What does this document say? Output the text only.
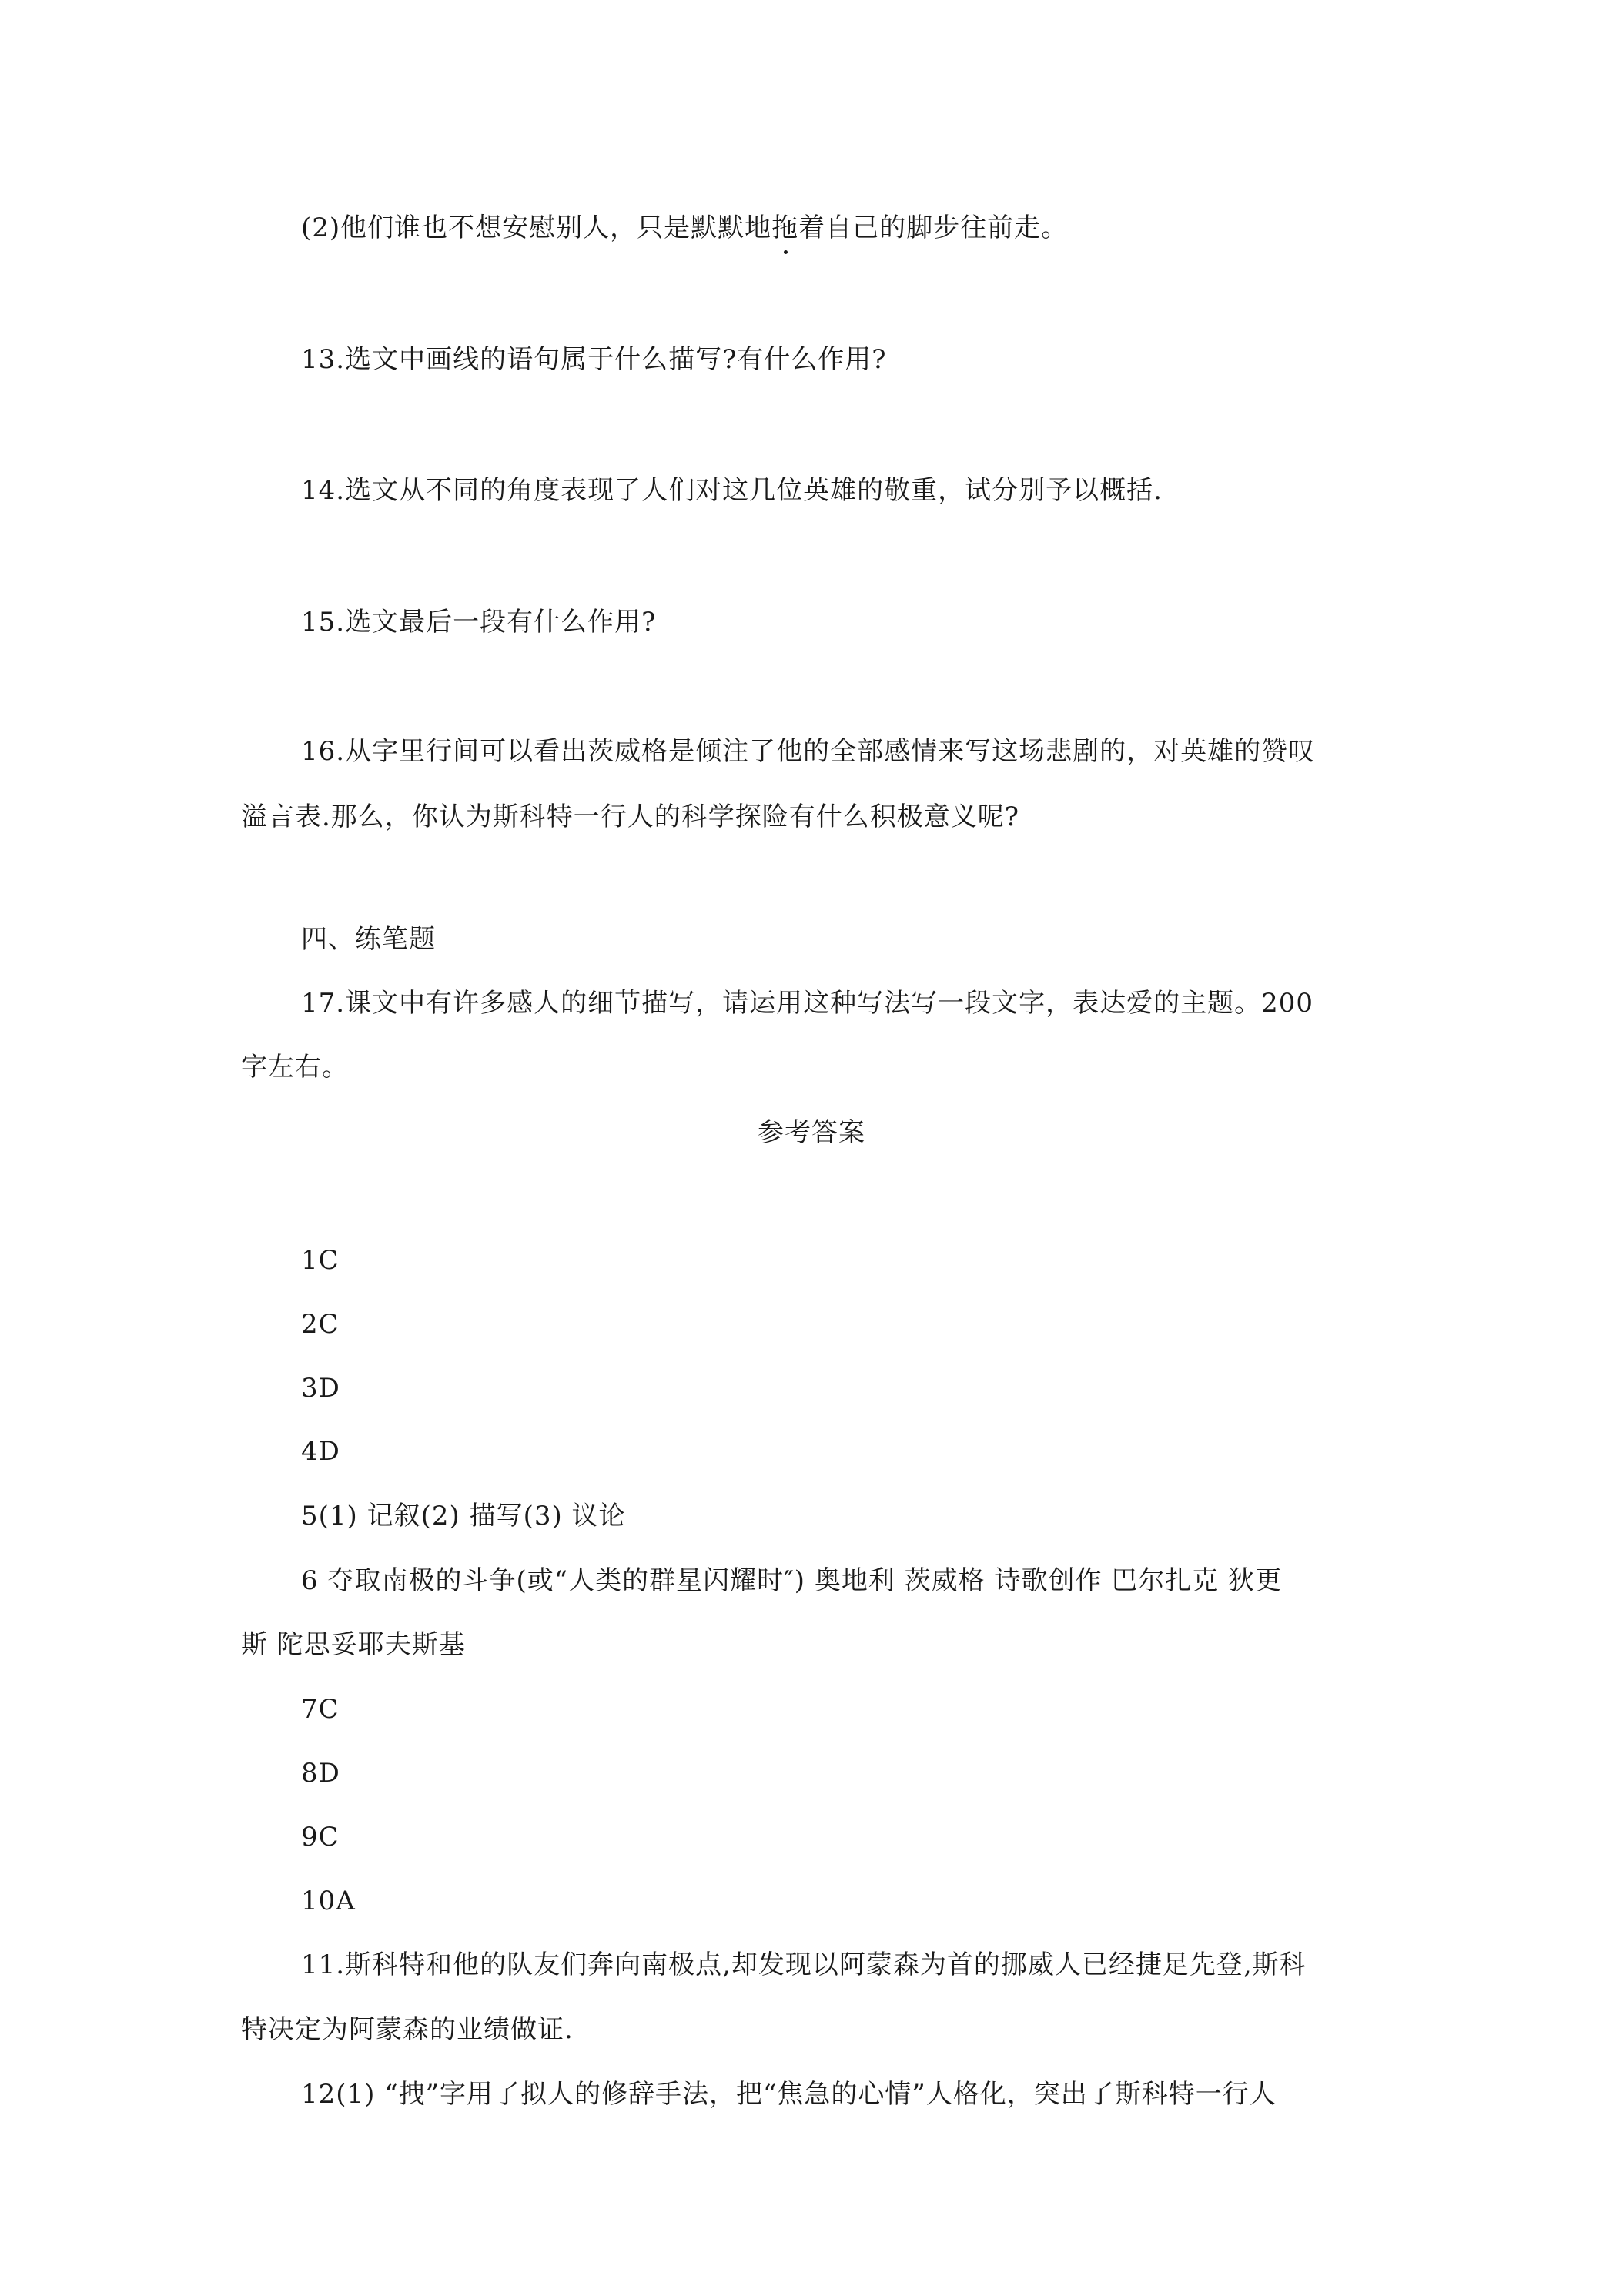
(2)他们谁也不想安慰别人，只是默默地拖着自己的脚步往前走。
13.选文中画线的语句属于什么描写?有什么作用?
14.选文从不同的角度表现了人们对这几位英雄的敬重，试分别予以概括.
15.选文最后一段有什么作用?
16.从字里行间可以看出茨威格是倾注了他的全部感情来写这场悲剧的，对英雄的赞叹
溢言表.那么，你认为斯科特一行人的科学探险有什么积极意义呢?
四、练笔题
17.课文中有许多感人的细节描写，请运用这种写法写一段文字，表达爱的主题。200
字左右。
参考答案
1C
2C
3D
4D
5(1) 记叙(2) 描写(3) 议论
6 夺取南极的斗争(或“人类的群星闪耀时″) 奥地利 茨威格 诗歌创作 巴尔扎克 狄更
斯 陀思妥耶夫斯基
7C
8D
9C
10A
11.斯科特和他的队友们奔向南极点,却发现以阿蒙森为首的挪威人已经捷足先登,斯科
特决定为阿蒙森的业绩做证.
12(1) “拽”字用了拟人的修辞手法，把“焦急的心情”人格化，突出了斯科特一行人
